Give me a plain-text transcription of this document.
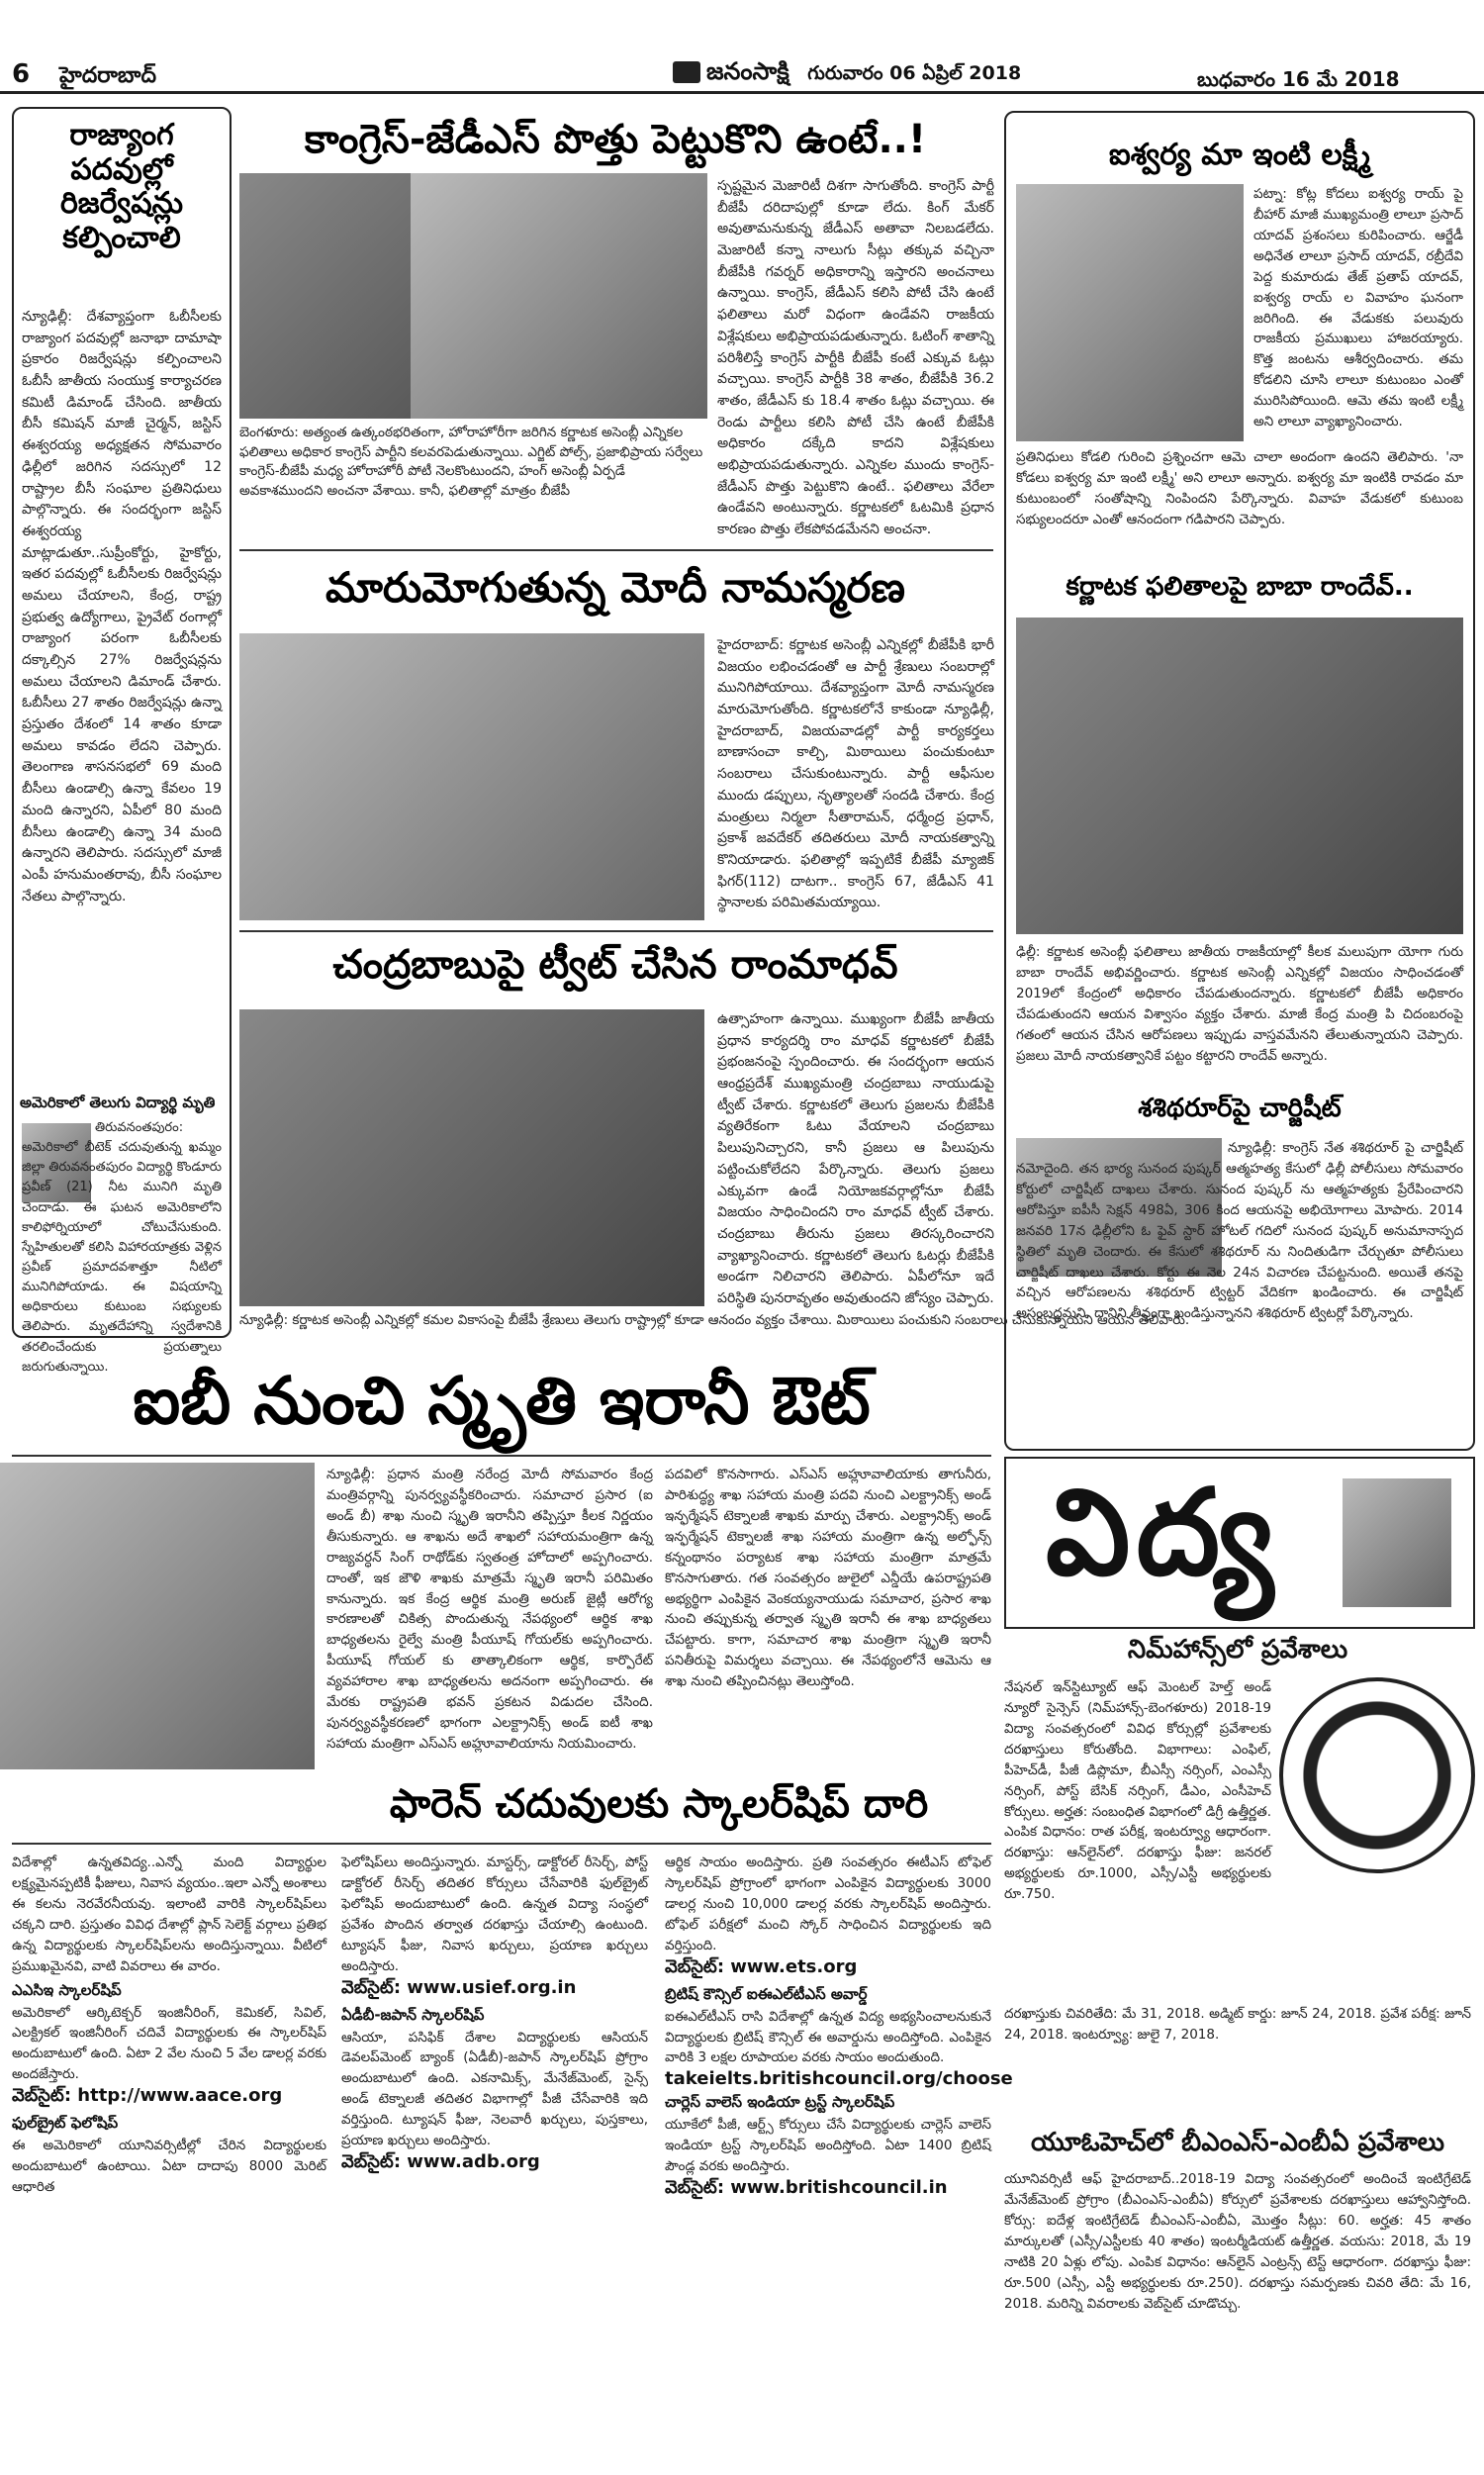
6 హైదరాబాద్	జనంసాక్షి గురువారం 06 ఏప్రిల్ 2018	బుధవారం 16 మే 2018
రాజ్యాంగ పదవుల్లో రిజర్వేషన్లు కల్పించాలి
న్యూఢిల్లీ: దేశవ్యాప్తంగా ఓబీసీలకు రాజ్యాంగ పదవుల్లో జనాభా దామాషా ప్రకారం రిజర్వేషన్లు కల్పించాలని ఓబీసీ జాతీయ సంయుక్త కార్యాచరణ కమిటీ డిమాండ్ చేసింది. జాతీయ బీసీ కమిషన్ మాజీ చైర్మన్, జస్టిస్ ఈశ్వరయ్య అధ్యక్షతన సోమవారం ఢిల్లీలో జరిగిన సదస్సులో 12 రాష్ట్రాల బీసీ సంఘాల ప్రతినిధులు పాల్గొన్నారు. ఈ సందర్భంగా జస్టిస్ ఈశ్వరయ్య మాట్లాడుతూ..సుప్రీంకోర్టు, హైకోర్టు, ఇతర పదవుల్లో ఓబీసీలకు రిజర్వేషన్లు అమలు చేయాలని, కేంద్ర, రాష్ట్ర ప్రభుత్వ ఉద్యోగాలు, ప్రైవేట్ రంగాల్లో రాజ్యాంగ పరంగా ఓబీసీలకు దక్కాల్సిన 27% రిజర్వేషన్లను అమలు చేయాలని డిమాండ్ చేశారు. ఓబీసీలు 27 శాతం రిజర్వేషన్లు ఉన్నా ప్రస్తుతం దేశంలో 14 శాతం కూడా అమలు కావడం లేదని చెప్పారు. తెలంగాణ శాసనసభలో 69 మంది బీసీలు ఉండాల్సి ఉన్నా కేవలం 19 మంది ఉన్నారని, ఏపీలో 80 మంది బీసీలు ఉండాల్సి ఉన్నా 34 మంది ఉన్నారని తెలిపారు. సదస్సులో మాజీ ఎంపీ హనుమంతరావు, బీసీ సంఘాల నేతలు పాల్గొన్నారు.
అమెరికాలో తెలుగు విద్యార్థి మృతి
తిరువనంతపురం: అమెరికాలో బీటెక్ చదువుతున్న ఖమ్మం జిల్లా తిరువనంతపురం విద్యార్థి కొండూరు ప్రవీణ్ (21) నీట మునిగి మృతి చెందాడు. ఈ ఘటన అమెరికాలోని కాలిఫోర్నియాలో చోటుచేసుకుంది. స్నేహితులతో కలిసి విహారయాత్రకు వెళ్లిన ప్రవీణ్ ప్రమాదవశాత్తూ నీటిలో మునిగిపోయాడు. ఈ విషయాన్ని అధికారులు కుటుంబ సభ్యులకు తెలిపారు. మృతదేహాన్ని స్వదేశానికి తరలించేందుకు ప్రయత్నాలు జరుగుతున్నాయి.
కాంగ్రెస్-జేడీఎస్ పొత్తు పెట్టుకొని ఉంటే..!
బెంగళూరు: అత్యంత ఉత్కంఠభరితంగా, హోరాహోరీగా జరిగిన కర్ణాటక అసెంబ్లీ ఎన్నికల ఫలితాలు అధికార కాంగ్రెస్ పార్టీని కలవరపెడుతున్నాయి. ఎగ్జిట్ పోల్స్, ప్రజాభిప్రాయ సర్వేలు కాంగ్రెస్-బీజేపీ మధ్య హోరాహోరీ పోటీ నెలకొంటుందని, హంగ్ అసెంబ్లీ ఏర్పడే అవకాశముందని అంచనా వేశాయి. కానీ, ఫలితాల్లో మాత్రం బీజేపీ
స్పష్టమైన మెజారిటీ దిశగా సాగుతోంది. కాంగ్రెస్ పార్టీ బీజేపీ దరిదాపుల్లో కూడా లేదు. కింగ్ మేకర్ అవుతామనుకున్న జేడీఎస్ అతావా నిలబడలేదు. మెజారిటీ కన్నా నాలుగు సీట్లు తక్కువ వచ్చినా బీజేపీకి గవర్నర్ అధికారాన్ని ఇస్తారని అంచనాలు ఉన్నాయి. కాంగ్రెస్, జేడీఎస్ కలిసి పోటీ చేసి ఉంటే ఫలితాలు మరో విధంగా ఉండేవని రాజకీయ విశ్లేషకులు అభిప్రాయపడుతున్నారు. ఓటింగ్ శాతాన్ని పరిశీలిస్తే కాంగ్రెస్ పార్టీకి బీజేపీ కంటే ఎక్కువ ఓట్లు వచ్చాయి. కాంగ్రెస్ పార్టీకి 38 శాతం, బీజేపీకి 36.2 శాతం, జేడీఎస్ కు 18.4 శాతం ఓట్లు వచ్చాయి. ఈ రెండు పార్టీలు కలిసి పోటీ చేసి ఉంటే బీజేపీకి అధికారం దక్కేది కాదని విశ్లేషకులు అభిప్రాయపడుతున్నారు. ఎన్నికల ముందు కాంగ్రెస్-జేడీఎస్ పొత్తు పెట్టుకొని ఉంటే.. ఫలితాలు వేరేలా ఉండేవని అంటున్నారు. కర్ణాటకలో ఓటమికి ప్రధాన కారణం పొత్తు లేకపోవడమేనని అంచనా.
మారుమోగుతున్న మోదీ నామస్మరణ
హైదరాబాద్: కర్ణాటక అసెంబ్లీ ఎన్నికల్లో బీజేపీకి భారీ విజయం లభించడంతో ఆ పార్టీ శ్రేణులు సంబరాల్లో మునిగిపోయాయి. దేశవ్యాప్తంగా మోదీ నామస్మరణ మారుమోగుతోంది. కర్ణాటకలోనే కాకుండా న్యూఢిల్లీ, హైదరాబాద్, విజయవాడల్లో పార్టీ కార్యకర్తలు బాణాసంచా కాల్చి, మిఠాయిలు పంచుకుంటూ సంబరాలు చేసుకుంటున్నారు. పార్టీ ఆఫీసుల ముందు డప్పులు, నృత్యాలతో సందడి చేశారు. కేంద్ర మంత్రులు నిర్మలా సీతారామన్, ధర్మేంద్ర ప్రధాన్, ప్రకాశ్ జవదేకర్ తదితరులు మోదీ నాయకత్వాన్ని కొనియాడారు. ఫలితాల్లో ఇప్పటికే బీజేపీ మ్యాజిక్ ఫిగర్(112) దాటగా.. కాంగ్రెస్ 67, జేడీఎస్ 41 స్థానాలకు పరిమితమయ్యాయి.
చంద్రబాబుపై ట్వీట్ చేసిన రాంమాధవ్
ఉత్సాహంగా ఉన్నాయి. ముఖ్యంగా బీజేపీ జాతీయ ప్రధాన కార్యదర్శి రాం మాధవ్ కర్ణాటకలో బీజేపీ ప్రభంజనంపై స్పందించారు. ఈ సందర్భంగా ఆయన ఆంధ్రప్రదేశ్ ముఖ్యమంత్రి చంద్రబాబు నాయుడుపై ట్వీట్ చేశారు. కర్ణాటకలో తెలుగు ప్రజలను బీజేపీకి వ్యతిరేకంగా ఓటు వేయాలని చంద్రబాబు పిలుపునిచ్చారని, కానీ ప్రజలు ఆ పిలుపును పట్టించుకోలేదని పేర్కొన్నారు. తెలుగు ప్రజలు ఎక్కువగా ఉండే నియోజకవర్గాల్లోనూ బీజేపీ విజయం సాధించిందని రాం మాధవ్ ట్వీట్ చేశారు. చంద్రబాబు తీరును ప్రజలు తిరస్కరించారని వ్యాఖ్యానించారు. కర్ణాటకలో తెలుగు ఓటర్లు బీజేపీకి అండగా నిలిచారని తెలిపారు. ఏపీలోనూ ఇదే పరిస్థితి పునరావృతం అవుతుందని జోస్యం చెప్పారు.
న్యూఢిల్లీ: కర్ణాటక అసెంబ్లీ ఎన్నికల్లో కమల వికాసంపై బీజేపీ శ్రేణులు తెలుగు రాష్ట్రాల్లో కూడా ఆనందం వ్యక్తం చేశాయి. మిఠాయిలు పంచుకుని సంబరాలు చేసుకున్నాయని ఆయన తెలిపారు.
ఐశ్వర్య మా ఇంటి లక్ష్మీ
పట్నా: కోట్ల కోదలు ఐశ్వర్య రాయ్ పై బీహార్ మాజీ ముఖ్యమంత్రి లాలూ ప్రసాద్ యాదవ్ ప్రశంసలు కురిపించారు. ఆర్జేడీ అధినేత లాలూ ప్రసాద్ యాదవ్, రబ్రీదేవి పెద్ద కుమారుడు తేజ్ ప్రతాప్ యాదవ్, ఐశ్వర్య రాయ్ ల వివాహం ఘనంగా జరిగింది. ఈ వేడుకకు పలువురు రాజకీయ ప్రముఖులు హాజరయ్యారు. కొత్త జంటను ఆశీర్వదించారు. తమ కోడలిని చూసి లాలూ కుటుంబం ఎంతో మురిసిపోయింది. ఆమె తమ ఇంటి లక్ష్మీ అని లాలూ వ్యాఖ్యానించారు.
ప్రతినిధులు కోడలి గురించి ప్రశ్నించగా ఆమె చాలా అందంగా ఉందని తెలిపారు. 'నా కోడలు ఐశ్వర్య మా ఇంటి లక్ష్మీ' అని లాలూ అన్నారు. ఐశ్వర్య మా ఇంటికి రావడం మా కుటుంబంలో సంతోషాన్ని నింపిందని పేర్కొన్నారు. వివాహ వేడుకలో కుటుంబ సభ్యులందరూ ఎంతో ఆనందంగా గడిపారని చెప్పారు.
కర్ణాటక ఫలితాలపై బాబా రాందేవ్..
ఢిల్లీ: కర్ణాటక అసెంబ్లీ ఫలితాలు జాతీయ రాజకీయాల్లో కీలక మలుపుగా యోగా గురు బాబా రాందేవ్ అభివర్ణించారు. కర్ణాటక అసెంబ్లీ ఎన్నికల్లో విజయం సాధించడంతో 2019లో కేంద్రంలో అధికారం చేపడుతుందన్నారు. కర్ణాటకలో బీజేపీ అధికారం చేపడుతుందని ఆయన విశ్వాసం వ్యక్తం చేశారు. మాజీ కేంద్ర మంత్రి పి చిదంబరంపై గతంలో ఆయన చేసిన ఆరోపణలు ఇప్పుడు వాస్తవమేనని తేలుతున్నాయని చెప్పారు. ప్రజలు మోదీ నాయకత్వానికే పట్టం కట్టారని రాందేవ్ అన్నారు.
శశిథరూర్‌పై చార్జిషీట్
న్యూఢిల్లీ: కాంగ్రెస్ నేత శశిథరూర్ పై చార్జిషీట్ నమోదైంది. తన భార్య సునంద పుష్కర్ ఆత్మహత్య కేసులో ఢిల్లీ పోలీసులు సోమవారం కోర్టులో చార్జిషీట్ దాఖలు చేశారు. సునంద పుష్కర్ ను ఆత్మహత్యకు ప్రేరేపించారని ఆరోపిస్తూ ఐపీసీ సెక్షన్ 498ఏ, 306 కింద ఆయనపై అభియోగాలు మోపారు. 2014 జనవరి 17న ఢిల్లీలోని ఓ ఫైవ్ స్టార్ హోటల్ గదిలో సునంద పుష్కర్ అనుమానాస్పద స్థితిలో మృతి చెందారు. ఈ కేసులో శశిథరూర్ ను నిందితుడిగా చేర్చుతూ పోలీసులు చార్జిషీట్ దాఖలు చేశారు. కోర్టు ఈ నెల 24న విచారణ చేపట్టనుంది. అయితే తనపై వచ్చిన ఆరోపణలను శశిథరూర్ ట్విట్టర్ వేదికగా ఖండించారు. ఈ చార్జిషీట్ అసంబద్ధమని, దానిని తీవ్రంగా ఖండిస్తున్నానని శశిథరూర్ ట్విటర్లో పేర్కొన్నారు.
ఐబీ నుంచి స్మృతి ఇరానీ ఔట్
న్యూఢిల్లీ: ప్రధాన మంత్రి నరేంద్ర మోదీ సోమవారం కేంద్ర మంత్రివర్గాన్ని పునర్వ్యవస్థీకరించారు. సమాచార ప్రసార (ఐ అండ్ బీ) శాఖ నుంచి స్మృతి ఇరానీని తప్పిస్తూ కీలక నిర్ణయం తీసుకున్నారు. ఆ శాఖను అదే శాఖలో సహాయమంత్రిగా ఉన్న రాజ్యవర్ధన్ సింగ్ రాథోడ్‌కు స్వతంత్ర హోదాలో అప్పగించారు. దాంతో, ఇక జౌళి శాఖకు మాత్రమే స్మృతి ఇరానీ పరిమితం కానున్నారు. ఇక కేంద్ర ఆర్థిక మంత్రి అరుణ్ జైట్లీ ఆరోగ్య కారణాలతో చికిత్స పొందుతున్న నేపథ్యంలో ఆర్థిక శాఖ బాధ్యతలను రైల్వే మంత్రి పీయూష్ గోయల్‌కు అప్పగించారు. పీయూష్ గోయల్ కు తాత్కాలికంగా ఆర్థిక, కార్పొరేట్ వ్యవహారాల శాఖ బాధ్యతలను అదనంగా అప్పగించారు. ఈ మేరకు రాష్ట్రపతి భవన్ ప్రకటన విడుదల చేసింది. పునర్వ్యవస్థీకరణలో భాగంగా ఎలక్ట్రానిక్స్ అండ్ ఐటీ శాఖ సహాయ మంత్రిగా ఎస్ఎస్ అహ్లూవాలియాను నియమించారు.
పదవిలో కొనసాగారు. ఎస్ఎస్ అహ్లూవాలియాకు తాగునీరు, పారిశుద్ధ్య శాఖ సహాయ మంత్రి పదవి నుంచి ఎలక్ట్రానిక్స్ అండ్ ఇన్ఫర్మేషన్ టెక్నాలజీ శాఖకు మార్పు చేశారు. ఎలక్ట్రానిక్స్ అండ్ ఇన్ఫర్మేషన్ టెక్నాలజీ శాఖ సహాయ మంత్రిగా ఉన్న అల్ఫోన్స్ కన్నంథానం పర్యాటక శాఖ సహాయ మంత్రిగా మాత్రమే కొనసాగుతారు. గత సంవత్సరం జులైలో ఎన్డీయే ఉపరాష్ట్రపతి అభ్యర్థిగా ఎంపికైన వెంకయ్యనాయుడు సమాచార, ప్రసార శాఖ నుంచి తప్పుకున్న తర్వాత స్మృతి ఇరానీ ఈ శాఖ బాధ్యతలు చేపట్టారు. కాగా, సమాచార శాఖ మంత్రిగా స్మృతి ఇరానీ పనితీరుపై విమర్శలు వచ్చాయి. ఈ నేపథ్యంలోనే ఆమెను ఆ శాఖ నుంచి తప్పించినట్లు తెలుస్తోంది.
విద్య
ఫారెన్ చదువులకు స్కాలర్‌షిప్ దారి
విదేశాల్లో ఉన్నతవిద్య..ఎన్నో మంది విద్యార్థుల లక్ష్యమైనప్పటికీ ఫీజులు, నివాస వ్యయం..ఇలా ఎన్నో అంశాలు ఈ కలను నెరవేరనీయవు. ఇలాంటి వారికి స్కాలర్‌షిప్‌లు చక్కని దారి. ప్రస్తుతం వివిధ దేశాల్లో ప్లాన్ సెలెక్ట్ వర్గాలు ప్రతిభ ఉన్న విద్యార్థులకు స్కాలర్‌షిప్‌లను అందిస్తున్నాయి. వీటిలో ప్రముఖమైనవి, వాటి వివరాలు ఈ వారం.
ఎఎసిఇ స్కాలర్‌షిప్
అమెరికాలో ఆర్కిటెక్చర్ ఇంజినీరింగ్, కెమికల్, సివిల్, ఎలక్ట్రికల్ ఇంజినీరింగ్ చదివే విద్యార్థులకు ఈ స్కాలర్‌షిప్ అందుబాటులో ఉంది. ఏటా 2 వేల నుంచి 5 వేల డాలర్ల వరకు అందజేస్తారు.
వెబ్‌సైట్: http://www.aace.org
ఫుల్‌బ్రైట్ ఫెలోషిప్
ఈ అమెరికాలో యూనివర్సిటీల్లో చేరిన విద్యార్థులకు అందుబాటులో ఉంటాయి. ఏటా దాదాపు 8000 మెరిట్ ఆధారిత
ఫెలోషిప్‌లు అందిస్తున్నారు. మాస్టర్స్, డాక్టోరల్ రీసెర్చ్, పోస్ట్ డాక్టోరల్ రీసెర్చ్ తదితర కోర్సులు చేసేవారికి ఫుల్‌బ్రైట్ ఫెలోషిప్ అందుబాటులో ఉంది. ఉన్నత విద్యా సంస్థలో ప్రవేశం పొందిన తర్వాత దరఖాస్తు చేయాల్సి ఉంటుంది. ట్యూషన్ ఫీజు, నివాస ఖర్చులు, ప్రయాణ ఖర్చులు అందిస్తారు.
వెబ్‌సైట్: www.usief.org.in
ఏడీబీ-జపాన్ స్కాలర్‌షిప్
ఆసియా, పసిఫిక్ దేశాల విద్యార్థులకు ఆసియన్ డెవలప్‌మెంట్ బ్యాంక్ (ఏడీబీ)-జపాన్ స్కాలర్‌షిప్ ప్రోగ్రాం అందుబాటులో ఉంది. ఎకనామిక్స్, మేనేజ్‌మెంట్, సైన్స్ అండ్ టెక్నాలజీ తదితర విభాగాల్లో పీజీ చేసేవారికి ఇది వర్తిస్తుంది. ట్యూషన్ ఫీజు, నెలవారీ ఖర్చులు, పుస్తకాలు, ప్రయాణ ఖర్చులు అందిస్తారు.
వెబ్‌సైట్: www.adb.org
ఆర్థిక సాయం అందిస్తారు. ప్రతి సంవత్సరం ఈటీఎస్ టోఫెల్ స్కాలర్‌షిప్ ప్రోగ్రాంలో భాగంగా ఎంపికైన విద్యార్థులకు 3000 డాలర్ల నుంచి 10,000 డాలర్ల వరకు స్కాలర్‌షిప్ అందిస్తారు. టోఫెల్ పరీక్షలో మంచి స్కోర్ సాధించిన విద్యార్థులకు ఇది వర్తిస్తుంది.
వెబ్‌సైట్: www.ets.org
బ్రిటిష్ కౌన్సిల్ ఐఈఎల్‌టీఎస్ అవార్డ్
ఐఈఎల్‌టీఎస్ రాసి విదేశాల్లో ఉన్నత విద్య అభ్యసించాలనుకునే విద్యార్థులకు బ్రిటిష్ కౌన్సిల్ ఈ అవార్డును అందిస్తోంది. ఎంపికైన వారికి 3 లక్షల రూపాయల వరకు సాయం అందుతుంది.
takeielts.britishcouncil.org/choose
చార్లెస్ వాలెస్ ఇండియా ట్రస్ట్ స్కాలర్‌షిప్
యూకేలో పీజీ, ఆర్ట్స్ కోర్సులు చేసే విద్యార్థులకు చార్లెస్ వాలెస్ ఇండియా ట్రస్ట్ స్కాలర్‌షిప్ అందిస్తోంది. ఏటా 1400 బ్రిటిష్ పౌండ్ల వరకు అందిస్తారు.
వెబ్‌సైట్: www.britishcouncil.in
నిమ్‌హాన్స్‌లో ప్రవేశాలు
నేషనల్ ఇన్‌స్టిట్యూట్ ఆఫ్ మెంటల్ హెల్త్ అండ్ న్యూరో సైన్సెస్ (నిమ్‌హాన్స్-బెంగళూరు) 2018-19 విద్యా సంవత్సరంలో వివిధ కోర్సుల్లో ప్రవేశాలకు దరఖాస్తులు కోరుతోంది. విభాగాలు: ఎంఫిల్, పీహెచ్‌డీ, పీజీ డిప్లొమా, బీఎస్సీ నర్సింగ్, ఎంఎస్సీ నర్సింగ్, పోస్ట్ బేసిక్ నర్సింగ్, డీఎం, ఎంసీహెచ్ కోర్సులు. అర్హత: సంబంధిత విభాగంలో డిగ్రీ ఉత్తీర్ణత. ఎంపిక విధానం: రాత పరీక్ష, ఇంటర్వ్యూ ఆధారంగా. దరఖాస్తు: ఆన్‌లైన్‌లో. దరఖాస్తు ఫీజు: జనరల్ అభ్యర్థులకు రూ.1000, ఎస్సీ/ఎస్టీ అభ్యర్థులకు రూ.750.
దరఖాస్తుకు చివరితేది: మే 31, 2018. అడ్మిట్ కార్డు: జూన్ 24, 2018. ప్రవేశ పరీక్ష: జూన్ 24, 2018. ఇంటర్వ్యూ: జులై 7, 2018.
యూఓహెచ్‌లో బీఎంఎస్-ఎంబీఏ ప్రవేశాలు
యూనివర్సిటీ ఆఫ్ హైదరాబాద్..2018-19 విద్యా సంవత్సరంలో అందించే ఇంటిగ్రేటెడ్ మేనేజ్‌మెంట్ ప్రోగ్రాం (బీఎంఎస్-ఎంబీఏ) కోర్సులో ప్రవేశాలకు దరఖాస్తులు ఆహ్వానిస్తోంది. కోర్సు: ఐదేళ్ల ఇంటిగ్రేటెడ్ బీఎంఎస్-ఎంబీఏ, మొత్తం సీట్లు: 60. అర్హత: 45 శాతం మార్కులతో (ఎస్సీ/ఎస్టీలకు 40 శాతం) ఇంటర్మీడియట్ ఉత్తీర్ణత. వయసు: 2018, మే 19 నాటికి 20 ఏళ్లు లోపు. ఎంపిక విధానం: ఆన్‌లైన్ ఎంట్రన్స్ టెస్ట్ ఆధారంగా. దరఖాస్తు ఫీజు: రూ.500 (ఎస్సీ, ఎస్టీ అభ్యర్థులకు రూ.250). దరఖాస్తు సమర్పణకు చివరి తేది: మే 16, 2018. మరిన్ని వివరాలకు వెబ్‌సైట్ చూడొచ్చు.
